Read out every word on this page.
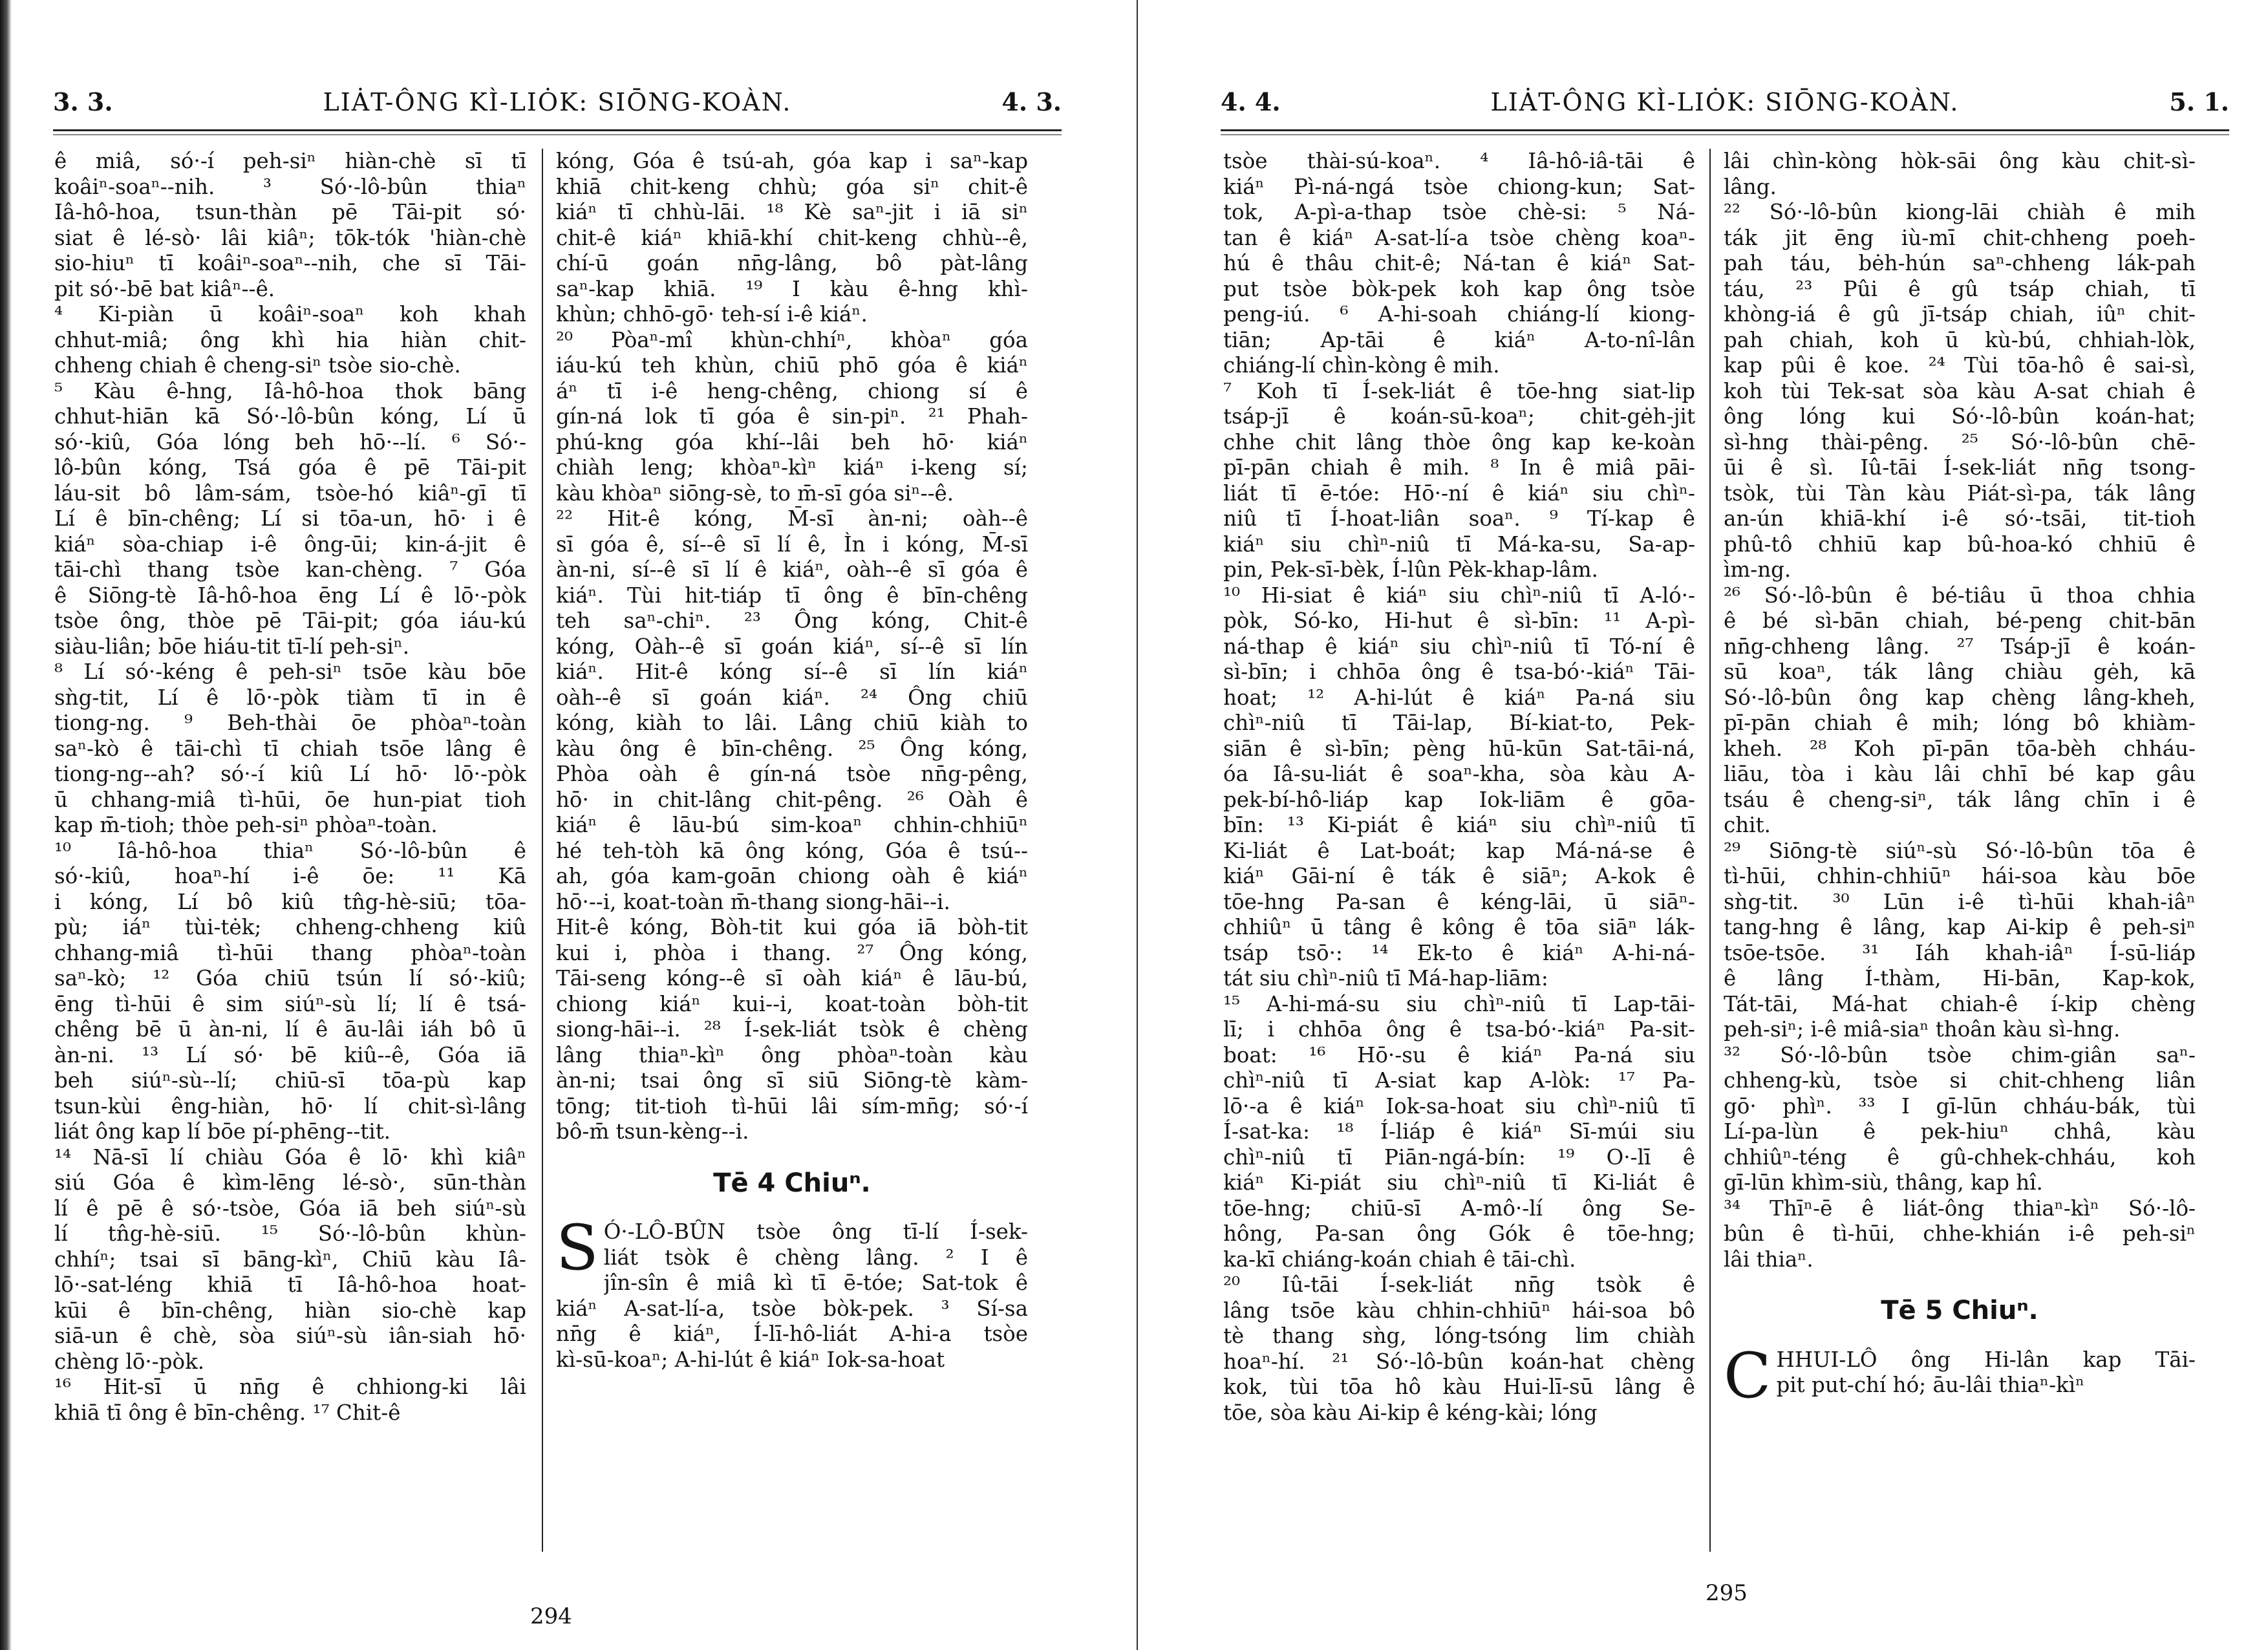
3. 3.	LIȦT-ÔNG KÌ-LIȮK: SIŌNG-KOÀN.	4. 3.
ê miâ, só·-í peh-siⁿ hiàn-chè sī tī
koâiⁿ-soaⁿ--nih. ³ Só·-lô-bûn thiaⁿ
Iâ-hô-hoa, tsun-thàn pē Tāi-pit só·
siat ê lé-sò· lâi kiâⁿ; tōk-tók 'hiàn-chè
sio-hiuⁿ tī koâiⁿ-soaⁿ--nih, che sī Tāi-
pit só·-bē bat kiâⁿ--ê.
⁴ Ki-piàn ū koâiⁿ-soaⁿ koh khah
chhut-miâ; ông khì hia hiàn chit-
chheng chiah ê cheng-siⁿ tsòe sio-chè.
⁵ Kàu ê-hng, Iâ-hô-hoa thok bāng
chhut-hiān kā Só·-lô-bûn kóng, Lí ū
só·-kiû, Góa lóng beh hō·--lí. ⁶ Só·-
lô-bûn kóng, Tsá góa ê pē Tāi-pit
láu-sit bô lâm-sám, tsòe-hó kiâⁿ-gī tī
Lí ê bīn-chêng; Lí si tōa-un, hō· i ê
kiáⁿ sòa-chiap i-ê ông-ūi; kin-á-jit ê
tāi-chì thang tsòe kan-chèng. ⁷ Góa
ê Siōng-tè Iâ-hô-hoa ēng Lí ê lō·-pòk
tsòe ông, thòe pē Tāi-pit; góa iáu-kú
siàu-liân; bōe hiáu-tit tī-lí peh-siⁿ.
⁸ Lí só·-kéng ê peh-siⁿ tsōe kàu bōe
sǹg-tit, Lí ê lō·-pòk tiàm tī in ê
tiong-ng. ⁹ Beh-thài ōe phòaⁿ-toàn
saⁿ-kò ê tāi-chì tī chiah tsōe lâng ê
tiong-ng--ah? só·-í kiû Lí hō· lō·-pòk
ū chhang-miâ tì-hūi, ōe hun-piat tioh
kap m̄-tioh; thòe peh-siⁿ phòaⁿ-toàn.
¹⁰ Iâ-hô-hoa thiaⁿ Só·-lô-bûn ê
só·-kiû, hoaⁿ-hí i-ê ōe: ¹¹ Kā
i kóng, Lí bô kiû tn̂g-hè-siū; tōa-
pù; iáⁿ tùi-tėk; chheng-chheng kiû
chhang-miâ tì-hūi thang phòaⁿ-toàn
saⁿ-kò; ¹² Góa chiū tsún lí só·-kiû;
ēng tì-hūi ê sim siúⁿ-sù lí; lí ê tsá-
chêng bē ū àn-ni, lí ê āu-lâi iáh bô ū
àn-ni. ¹³ Lí só· bē kiû--ê, Góa iā
beh siúⁿ-sù--lí; chiū-sī tōa-pù kap
tsun-kùi êng-hiàn, hō· lí chit-sì-lâng
liát ông kap lí bōe pí-phēng--tit.
¹⁴ Nā-sī lí chiàu Góa ê lō· khì kiâⁿ
siú Góa ê kìm-lēng lé-sò·, sūn-thàn
lí ê pē ê só·-tsòe, Góa iā beh siúⁿ-sù
lí tn̂g-hè-siū. ¹⁵ Só·-lô-bûn khùn-
chhíⁿ; tsai sī bāng-kìⁿ, Chiū kàu Iâ-
lō·-sat-léng khiā tī Iâ-hô-hoa hoat-
kūi ê bīn-chêng, hiàn sio-chè kap
siā-un ê chè, sòa siúⁿ-sù iân-siah hō·
chèng lō·-pòk.
¹⁶ Hit-sī ū nn̄g ê chhiong-ki lâi
khiā tī ông ê bīn-chêng. ¹⁷ Chit-ê
kóng, Góa ê tsú-ah, góa kap i saⁿ-kap
khiā chit-keng chhù; góa siⁿ chit-ê
kiáⁿ tī chhù-lāi. ¹⁸ Kè saⁿ-jit i iā siⁿ
chit-ê kiáⁿ khiā-khí chit-keng chhù--ê,
chí-ū goán nn̄g-lâng, bô pàt-lâng
saⁿ-kap khiā. ¹⁹ I kàu ê-hng khì-
khùn; chhō-gō· teh-sí i-ê kiáⁿ.
²⁰ Pòaⁿ-mî khùn-chhíⁿ, khòaⁿ góa
iáu-kú teh khùn, chiū phō góa ê kiáⁿ
áⁿ tī i-ê heng-chêng, chiong sí ê
gín-ná lok tī góa ê sin-piⁿ. ²¹ Phah-
phú-kng góa khí--lâi beh hō· kiáⁿ
chiàh leng; khòaⁿ-kìⁿ kiáⁿ i-keng sí;
kàu khòaⁿ siōng-sè, to m̄-sī góa siⁿ--ê.
²² Hit-ê kóng, M̄-sī àn-ni; oàh--ê
sī góa ê, sí--ê sī lí ê, Ìn i kóng, M̄-sī
àn-ni, sí--ê sī lí ê kiáⁿ, oàh--ê sī góa ê
kiáⁿ. Tùi hit-tiáp tī ông ê bīn-chêng
teh saⁿ-chiⁿ. ²³ Ông kóng, Chit-ê
kóng, Oàh--ê sī goán kiáⁿ, sí--ê sī lín
kiáⁿ. Hit-ê kóng sí--ê sī lín kiáⁿ
oàh--ê sī goán kiáⁿ. ²⁴ Ông chiū
kóng, kiàh to lâi. Lâng chiū kiàh to
kàu ông ê bīn-chêng. ²⁵ Ông kóng,
Phòa oàh ê gín-ná tsòe nn̄g-pêng,
hō· in chit-lâng chit-pêng. ²⁶ Oàh ê
kiáⁿ ê lāu-bú sim-koaⁿ chhin-chhiūⁿ
hé teh-tòh kā ông kóng, Góa ê tsú--
ah, góa kam-goān chiong oàh ê kiáⁿ
hō·--i, koat-toàn m̄-thang siong-hāi--i.
Hit-ê kóng, Bòh-tit kui góa iā bòh-tit
kui i, phòa i thang. ²⁷ Ông kóng,
Tāi-seng kóng--ê sī oàh kiáⁿ ê lāu-bú,
chiong kiáⁿ kui--i, koat-toàn bòh-tit
siong-hāi--i. ²⁸ Í-sek-liát tsòk ê chèng
lâng thiaⁿ-kìⁿ ông phòaⁿ-toàn kàu
àn-ni; tsai ông sī siū Siōng-tè kàm-
tōng; tit-tioh tì-hūi lâi sím-mn̄g; só·-í
bô-m̄ tsun-kèng--i.
Tē 4 Chiuⁿ.
S Ó·-LÔ-BÛN tsòe ông tī-lí Í-sek-
liát tsòk ê chèng lâng. ² I ê
jîn-sîn ê miâ kì tī ē-tóe; Sat-tok ê
kiáⁿ A-sat-lí-a, tsòe bòk-pek. ³ Sí-sa
nn̄g ê kiáⁿ, Í-lī-hô-liát A-hi-a tsòe
kì-sū-koaⁿ; A-hi-lút ê kiáⁿ Iok-sa-hoat
294
4. 4.	LIȦT-ÔNG KÌ-LIȮK: SIŌNG-KOÀN.	5. 1.
tsòe thài-sú-koaⁿ. ⁴ Iâ-hô-iâ-tāi ê
kiáⁿ Pì-ná-ngá tsòe chiong-kun; Sat-
tok, A-pì-a-thap tsòe chè-si: ⁵ Ná-
tan ê kiáⁿ A-sat-lí-a tsòe chèng koaⁿ-
hú ê thâu chit-ê; Ná-tan ê kiáⁿ Sat-
put tsòe bòk-pek koh kap ông tsòe
peng-iú. ⁶ A-hi-soah chiáng-lí kiong-
tiān; Ap-tāi ê kiáⁿ A-to-nî-lân
chiáng-lí chìn-kòng ê mih.
⁷ Koh tī Í-sek-liát ê tōe-hng siat-lip
tsáp-jī ê koán-sū-koaⁿ; chit-gėh-jit
chhe chit lâng thòe ông kap ke-koàn
pī-pān chiah ê mih. ⁸ In ê miâ pāi-
liát tī ē-tóe: Hō·-ní ê kiáⁿ siu chìⁿ-
niû tī Í-hoat-liân soaⁿ. ⁹ Tí-kap ê
kiáⁿ siu chìⁿ-niû tī Má-ka-su, Sa-ap-
pin, Pek-sī-bèk, Í-lûn Pèk-khap-lâm.
¹⁰ Hi-siat ê kiáⁿ siu chìⁿ-niû tī A-ló·-
pòk, Só-ko, Hi-hut ê sì-bīn: ¹¹ A-pì-
ná-thap ê kiáⁿ siu chìⁿ-niû tī Tó-ní ê
sì-bīn; i chhōa ông ê tsa-bó·-kiáⁿ Tāi-
hoat; ¹² A-hi-lút ê kiáⁿ Pa-ná siu
chìⁿ-niû tī Tāi-lap, Bí-kiat-to, Pek-
siān ê sì-bīn; pèng hū-kūn Sat-tāi-ná,
óa Iâ-su-liát ê soaⁿ-kha, sòa kàu A-
pek-bí-hô-liáp kap Iok-liām ê gōa-
bīn: ¹³ Ki-piát ê kiáⁿ siu chìⁿ-niû tī
Ki-liát ê Lat-boát; kap Má-ná-se ê
kiáⁿ Gāi-ní ê ták ê siāⁿ; A-kok ê
tōe-hng Pa-san ê kéng-lāi, ū siāⁿ-
chhiûⁿ ū tâng ê kông ê tōa siāⁿ lák-
tsáp tsō·: ¹⁴ Ek-to ê kiáⁿ A-hi-ná-
tát siu chìⁿ-niû tī Má-hap-liām:
¹⁵ A-hi-má-su siu chìⁿ-niû tī Lap-tāi-
lī; i chhōa ông ê tsa-bó·-kiáⁿ Pa-sit-
boat: ¹⁶ Hō·-su ê kiáⁿ Pa-ná siu
chìⁿ-niû tī A-siat kap A-lòk: ¹⁷ Pa-
lō·-a ê kiáⁿ Iok-sa-hoat siu chìⁿ-niû tī
Í-sat-ka: ¹⁸ Í-liáp ê kiáⁿ Sī-múi siu
chìⁿ-niû tī Piān-ngá-bín: ¹⁹ O·-lī ê
kiáⁿ Ki-piát siu chìⁿ-niû tī Ki-liát ê
tōe-hng; chiū-sī A-mô·-lí ông Se-
hông, Pa-san ông Gók ê tōe-hng;
ka-kī chiáng-koán chiah ê tāi-chì.
²⁰ Iû-tāi Í-sek-liát nn̄g tsòk ê
lâng tsōe kàu chhin-chhiūⁿ hái-soa bô
tè thang sǹg, lóng-tsóng lim chiàh
hoaⁿ-hí. ²¹ Só·-lô-bûn koán-hat chèng
kok, tùi tōa hô kàu Hui-lī-sū lâng ê
tōe, sòa kàu Ai-kip ê kéng-kài; lóng
lâi chìn-kòng hòk-sāi ông kàu chit-sì-
lâng.
²² Só·-lô-bûn kiong-lāi chiàh ê mih
ták jit ēng iù-mī chit-chheng poeh-
pah táu, bėh-hún saⁿ-chheng lák-pah
táu, ²³ Pûi ê gû tsáp chiah, tī
khòng-iá ê gû jī-tsáp chiah, iûⁿ chit-
pah chiah, koh ū kù-bú, chhiah-lòk,
kap pûi ê koe. ²⁴ Tùi tōa-hô ê sai-sì,
koh tùi Tek-sat sòa kàu A-sat chiah ê
ông lóng kui Só·-lô-bûn koán-hat;
sì-hng thài-pêng. ²⁵ Só·-lô-bûn chē-
ūi ê sì. Iû-tāi Í-sek-liát nn̄g tsong-
tsòk, tùi Tàn kàu Piát-sì-pa, ták lâng
an-ún khiā-khí i-ê só·-tsāi, tit-tioh
phû-tô chhiū kap bû-hoa-kó chhiū ê
ìm-ng.
²⁶ Só·-lô-bûn ê bé-tiâu ū thoa chhia
ê bé sì-bān chiah, bé-peng chit-bān
nn̄g-chheng lâng. ²⁷ Tsáp-jī ê koán-
sū koaⁿ, ták lâng chiàu gėh, kā
Só·-lô-bûn ông kap chèng lâng-kheh,
pī-pān chiah ê mih; lóng bô khiàm-
kheh. ²⁸ Koh pī-pān tōa-bèh chháu-
liāu, tòa i kàu lâi chhī bé kap gâu
tsáu ê cheng-siⁿ, ták lâng chīn i ê
chit.
²⁹ Siōng-tè siúⁿ-sù Só·-lô-bûn tōa ê
tì-hūi, chhin-chhiūⁿ hái-soa kàu bōe
sǹg-tit. ³⁰ Lūn i-ê tì-hūi khah-iâⁿ
tang-hng ê lâng, kap Ai-kip ê peh-siⁿ
tsōe-tsōe. ³¹ Iáh khah-iâⁿ Í-sū-liáp
ê lâng Í-thàm, Hi-bān, Kap-kok,
Tát-tāi, Má-hat chiah-ê í-kip chèng
peh-siⁿ; i-ê miâ-siaⁿ thoân kàu sì-hng.
³² Só·-lô-bûn tsòe chim-giân saⁿ-
chheng-kù, tsòe si chit-chheng liân
gō· phìⁿ. ³³ I gī-lūn chháu-bák, tùi
Lí-pa-lùn ê pek-hiuⁿ chhâ, kàu
chhiûⁿ-téng ê gû-chhek-chháu, koh
gī-lūn khìm-siù, thâng, kap hî.
³⁴ Thīⁿ-ē ê liát-ông thiaⁿ-kìⁿ Só·-lô-
bûn ê tì-hūi, chhe-khián i-ê peh-siⁿ
lâi thiaⁿ.
Tē 5 Chiuⁿ.
C HHUI-LÔ ông Hi-lân kap Tāi-
pit put-chí hó; āu-lâi thiaⁿ-kìⁿ
295
